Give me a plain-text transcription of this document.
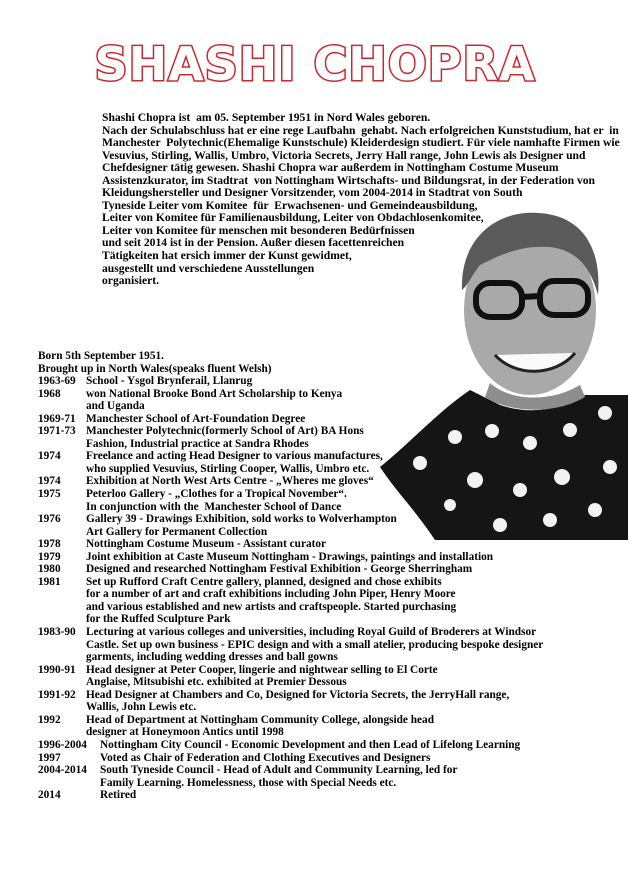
SHASHI CHOPRA
Shashi Chopra ist  am 05. September 1951 in Nord Wales geboren.
Nach der Schulabschluss hat er eine rege Laufbahn  gehabt. Nach erfolgreichen Kunststudium, hat er  in
Manchester  Polytechnic(Ehemalige Kunstschule) Kleiderdesign studiert. Für viele namhafte Firmen wie
Vesuvius, Stirling, Wallis, Umbro, Victoria Secrets, Jerry Hall range, John Lewis als Designer und
Chefdesigner tätig gewesen. Shashi Chopra war außerdem in Nottingham Costume Museum
Assistenzkurator, im Stadtrat  von Nottingham Wirtschafts- und Bildungsrat, in der Federation von
Kleidungshersteller und Designer Vorsitzender, vom 2004-2014 in Stadtrat von South
Tyneside Leiter vom Komitee  für  Erwachsenen- und Gemeindeausbildung,
Leiter von Komitee für Familienausbildung, Leiter von Obdachlosenkomitee,
Leiter von Komitee für menschen mit besonderen Bedürfnissen
und seit 2014 ist in der Pension. Außer diesen facettenreichen
Tätigkeiten hat ersich immer der Kunst gewidmet,
ausgestellt und verschiedene Ausstellungen
organisiert.
Born 5th September 1951.
Brought up in North Wales(speaks fluent Welsh)
1963-69 School - Ysgol Brynferail, Llanrug
1968	won National Brooke Bond Art Scholarship to Kenya
and Uganda
1969-71 Manchester School of Art-Foundation Degree
1971-73 Manchester Polytechnic(formerly School of Art) BA Hons
Fashion, Industrial practice at Sandra Rhodes
1974	Freelance and acting Head Designer to various manufactures,
who supplied Vesuvius, Stirling Cooper, Wallis, Umbro etc.
1974	Exhibition at North West Arts Centre - „Wheres me gloves“
1975	Peterloo Gallery - „Clothes for a Tropical November“.
In conjunction with the  Manchester School of Dance
1976	Gallery 39 - Drawings Exhibition, sold works to Wolverhampton
Art Gallery for Permanent Collection
1978	Nottingham Costume Museum - Assistant curator
1979	Joint exhibition at Caste Museum Nottingham - Drawings, paintings and installation
1980	Designed and researched Nottingham Festival Exhibition - George Sherringham
1981	Set up Rufford Craft Centre gallery, planned, designed and chose exhibits
for a number of art and craft exhibitions including John Piper, Henry Moore
and various established and new artists and craftspeople. Started purchasing
for the Ruffed Sculpture Park
1983-90 Lecturing at various colleges and universities, including Royal Guild of Broderers at Windsor
Castle. Set up own business - EPIC design and with a small atelier, producing bespoke designer
garments, including wedding dresses and ball gowns
1990-91 Head designer at Peter Cooper, lingerie and nightwear selling to El Corte
Anglaise, Mitsubishi etc. exhibited at Premier Dessous
1991-92 Head Designer at Chambers and Co, Designed for Victoria Secrets, the JerryHall range,
Wallis, John Lewis etc.
1992	Head of Department at Nottingham Community College, alongside head
designer at Honeymoon Antics until 1998
1996-2004	Nottingham City Council - Economic Development and then Lead of Lifelong Learning
1997	Voted as Chair of Federation and Clothing Executives and Designers
2004-2014	South Tyneside Council - Head of Adult and Community Learning, led for
Family Learning. Homelessness, those with Special Needs etc.
2014	Retired
